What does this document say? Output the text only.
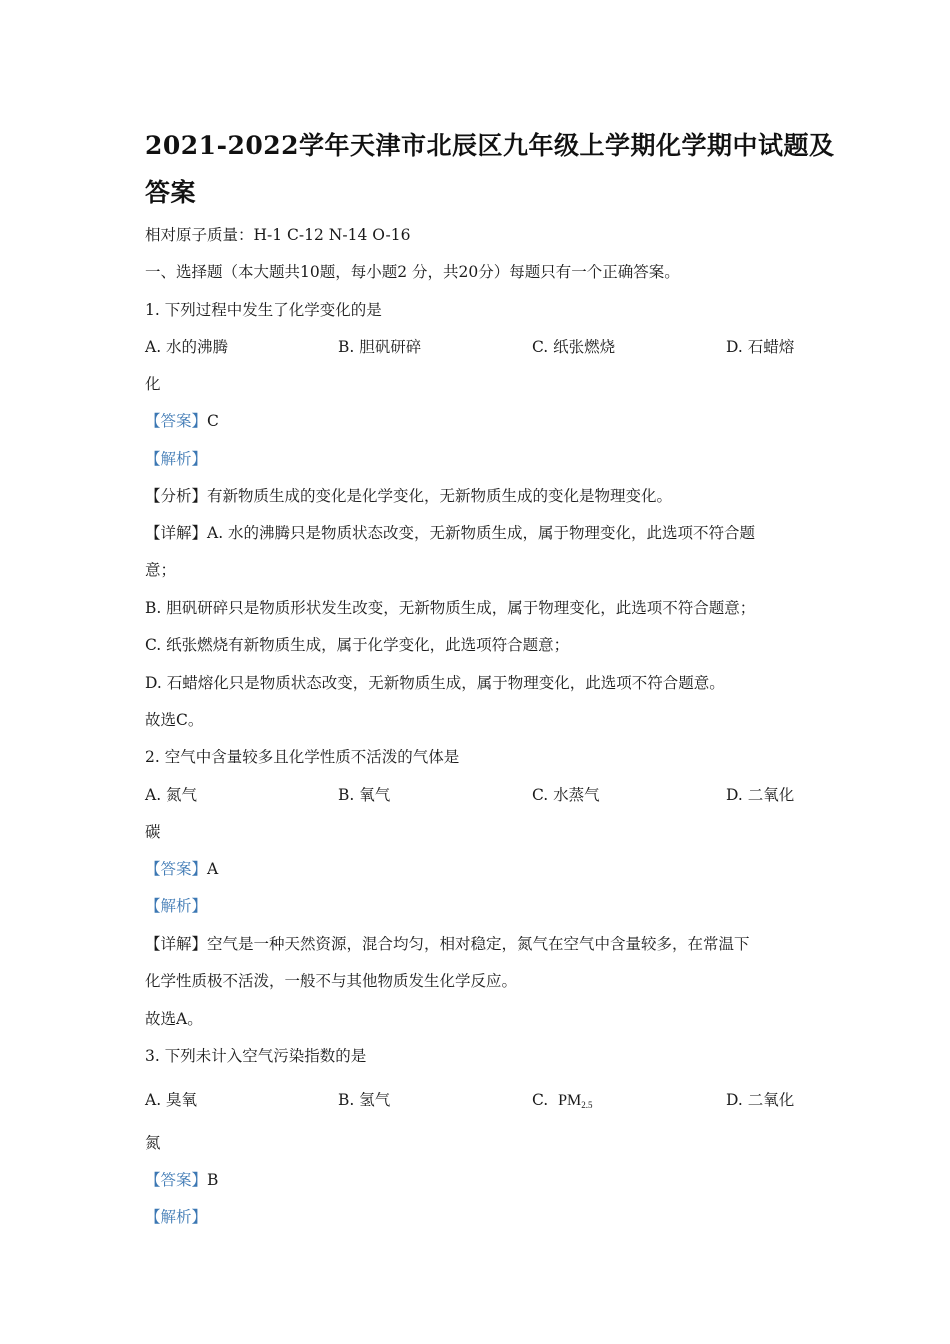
2021-2022学年天津市北辰区九年级上学期化学期中试题及
答案
相对原子质量：H-1 C-12 N-14 O-16
一、选择题（本大题共10题，每小题2 分，共20分）每题只有一个正确答案。
1. 下列过程中发生了化学变化的是
A. 水的沸腾	B. 胆矾研碎	C. 纸张燃烧	D. 石蜡熔
化
【答案】C
【解析】
【分析】有新物质生成的变化是化学变化，无新物质生成的变化是物理变化。
【详解】A. 水的沸腾只是物质状态改变，无新物质生成，属于物理变化，此选项不符合题
意；
B. 胆矾研碎只是物质形状发生改变，无新物质生成，属于物理变化，此选项不符合题意；
C. 纸张燃烧有新物质生成，属于化学变化，此选项符合题意；
D. 石蜡熔化只是物质状态改变，无新物质生成，属于物理变化，此选项不符合题意。
故选C。
2. 空气中含量较多且化学性质不活泼的气体是
A. 氮气	B. 氧气	C. 水蒸气	D. 二氧化
碳
【答案】A
【解析】
【详解】空气是一种天然资源，混合均匀，相对稳定，氮气在空气中含量较多，在常温下
化学性质极不活泼，一般不与其他物质发生化学反应。
故选A。
3. 下列未计入空气污染指数的是
A. 臭氧	B. 氢气	C. $PM_{2.5}$	D. 二氧化
氮
【答案】B
【解析】
